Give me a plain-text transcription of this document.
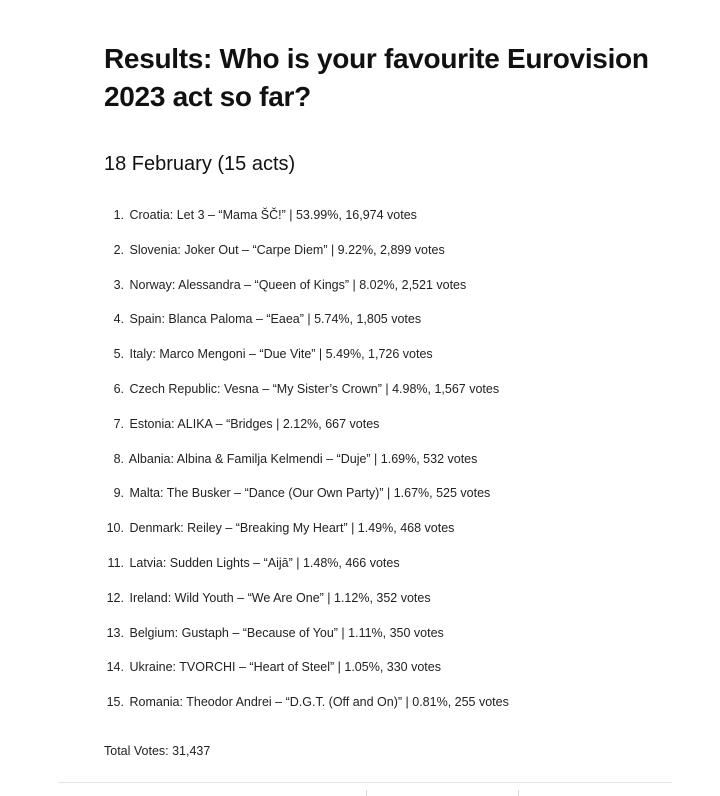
Results: Who is your favourite Eurovision 2023 act so far?
18 February (15 acts)
1. Croatia: Let 3 – “Mama ŠČ!” | 53.99%, 16,974 votes
2. Slovenia: Joker Out – “Carpe Diem” | 9.22%, 2,899 votes
3. Norway: Alessandra – “Queen of Kings” | 8.02%, 2,521 votes
4. Spain: Blanca Paloma – “Eaea” | 5.74%, 1,805 votes
5. Italy: Marco Mengoni – “Due Vite” | 5.49%, 1,726 votes
6. Czech Republic: Vesna – “My Sister’s Crown” | 4.98%, 1,567 votes
7. Estonia: ALIKA – “Bridges | 2.12%, 667 votes
8. Albania: Albina & Familja Kelmendi – “Duje” | 1.69%, 532 votes
9. Malta: The Busker – “Dance (Our Own Party)” | 1.67%, 525 votes
10. Denmark: Reiley – “Breaking My Heart” | 1.49%, 468 votes
11. Latvia: Sudden Lights – “Aijā” | 1.48%, 466 votes
12. Ireland: Wild Youth – “We Are One” | 1.12%, 352 votes
13. Belgium: Gustaph – “Because of You” | 1.11%, 350 votes
14. Ukraine: TVORCHI – “Heart of Steel” | 1.05%, 330 votes
15. Romania: Theodor Andrei – “D.G.T. (Off and On)” | 0.81%, 255 votes

Total Votes: 31,437
